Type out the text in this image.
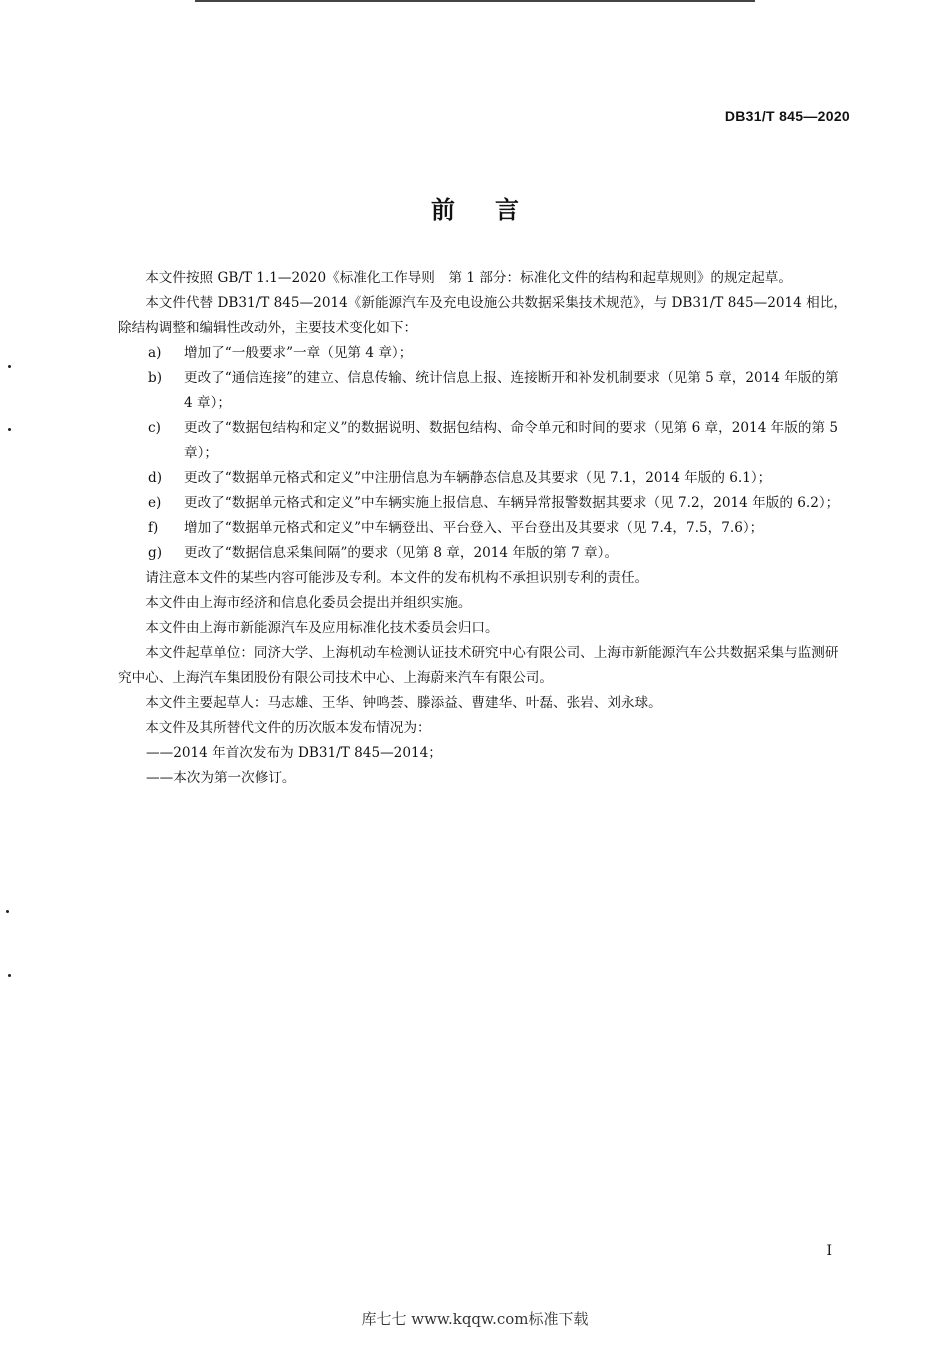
DB31/T 845—2020
前言

本文件按照 GB/T 1.1—2020《标准化工作导则　第 1 部分：标准化文件的结构和起草规则》的规定起草。

本文件代替 DB31/T 845—2014《新能源汽车及充电设施公共数据采集技术规范》，与 DB31/T 845—2014 相比，除结构调整和编辑性改动外，主要技术变化如下：

a)	增加了“一般要求”一章（见第 4 章）；
b)	更改了“通信连接”的建立、信息传输、统计信息上报、连接断开和补发机制要求（见第 5 章，2014 年版的第 4 章）；
c)	更改了“数据包结构和定义”的数据说明、数据包结构、命令单元和时间的要求（见第 6 章，2014 年版的第 5 章）；
d)	更改了“数据单元格式和定义”中注册信息为车辆静态信息及其要求（见 7.1，2014 年版的 6.1）；
e)	更改了“数据单元格式和定义”中车辆实施上报信息、车辆异常报警数据其要求（见 7.2，2014 年版的 6.2）；
f)	增加了“数据单元格式和定义”中车辆登出、平台登入、平台登出及其要求（见 7.4，7.5，7.6）；
g)	更改了“数据信息采集间隔”的要求（见第 8 章，2014 年版的第 7 章）。

请注意本文件的某些内容可能涉及专利。本文件的发布机构不承担识别专利的责任。

本文件由上海市经济和信息化委员会提出并组织实施。

本文件由上海市新能源汽车及应用标准化技术委员会归口。

本文件起草单位：同济大学、上海机动车检测认证技术研究中心有限公司、上海市新能源汽车公共数据采集与监测研究中心、上海汽车集团股份有限公司技术中心、上海蔚来汽车有限公司。

本文件主要起草人：马志雄、王华、钟鸣荟、滕添益、曹建华、叶磊、张岩、刘永球。

本文件及其所替代文件的历次版本发布情况为：

——2014 年首次发布为 DB31/T 845—2014；

——本次为第一次修订。

I
库七七 www.kqqw.com标准下载
